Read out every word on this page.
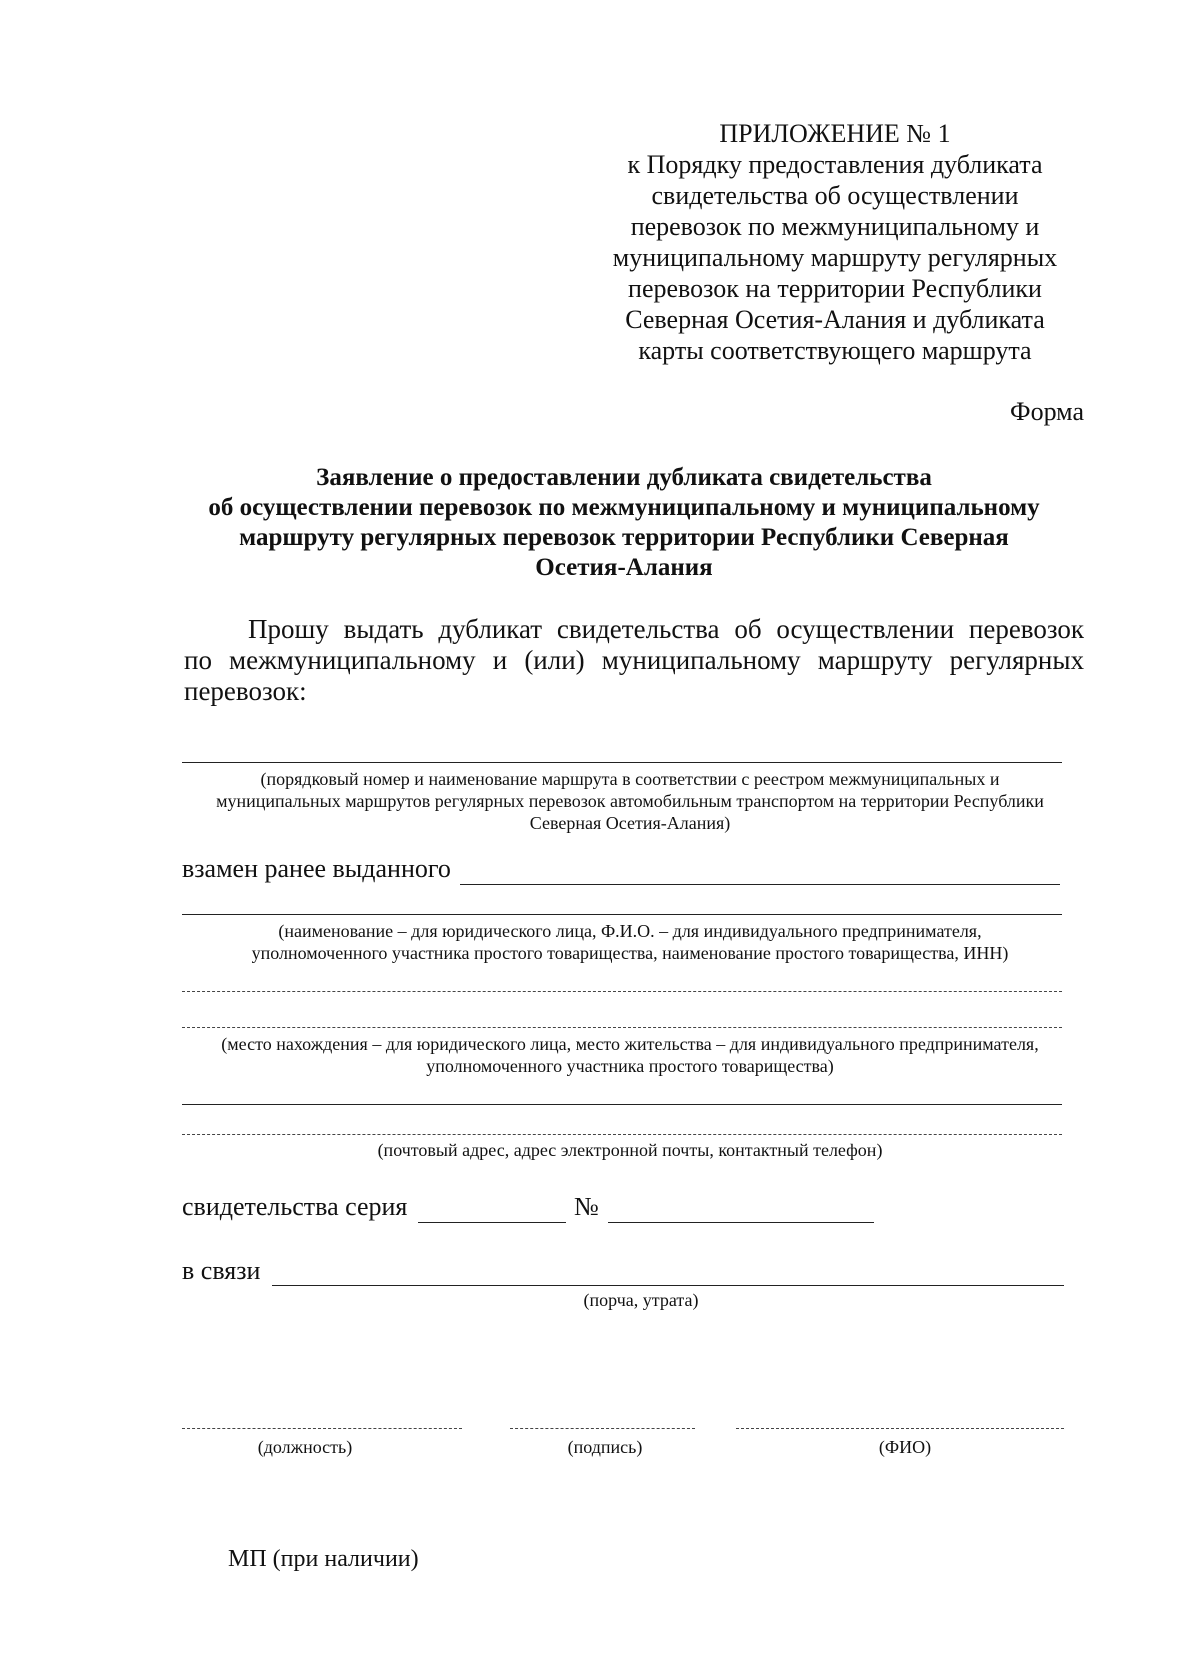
ПРИЛОЖЕНИЕ № 1
к Порядку предоставления дубликата
свидетельства об осуществлении
перевозок по межмуниципальному и
муниципальному маршруту регулярных
перевозок на территории Республики
Северная Осетия-Алания и дубликата
карты соответствующего маршрута
Форма
Заявление о предоставлении дубликата свидетельства
об осуществлении перевозок по межмуниципальному и муниципальному
маршруту регулярных перевозок территории Республики Северная
Осетия-Алания
Прошу выдать дубликат свидетельства об осуществлении перевозок
по межмуниципальному и (или) муниципальному маршруту регулярных
перевозок:
(порядковый номер и наименование маршрута в соответствии с реестром межмуниципальных и
муниципальных маршрутов регулярных перевозок автомобильным транспортом на территории Республики
Северная Осетия-Алания)
взамен ранее выданного
(наименование – для юридического лица, Ф.И.О. – для индивидуального предпринимателя,
уполномоченного участника простого товарищества, наименование простого товарищества, ИНН)
(место нахождения – для юридического лица, место жительства – для индивидуального предпринимателя,
уполномоченного участника простого товарищества)
(почтовый адрес, адрес электронной почты, контактный телефон)
свидетельства серия	№
в связи
(порча, утрата)
(должность)	(подпись)	(ФИО)
МП (при наличии)
